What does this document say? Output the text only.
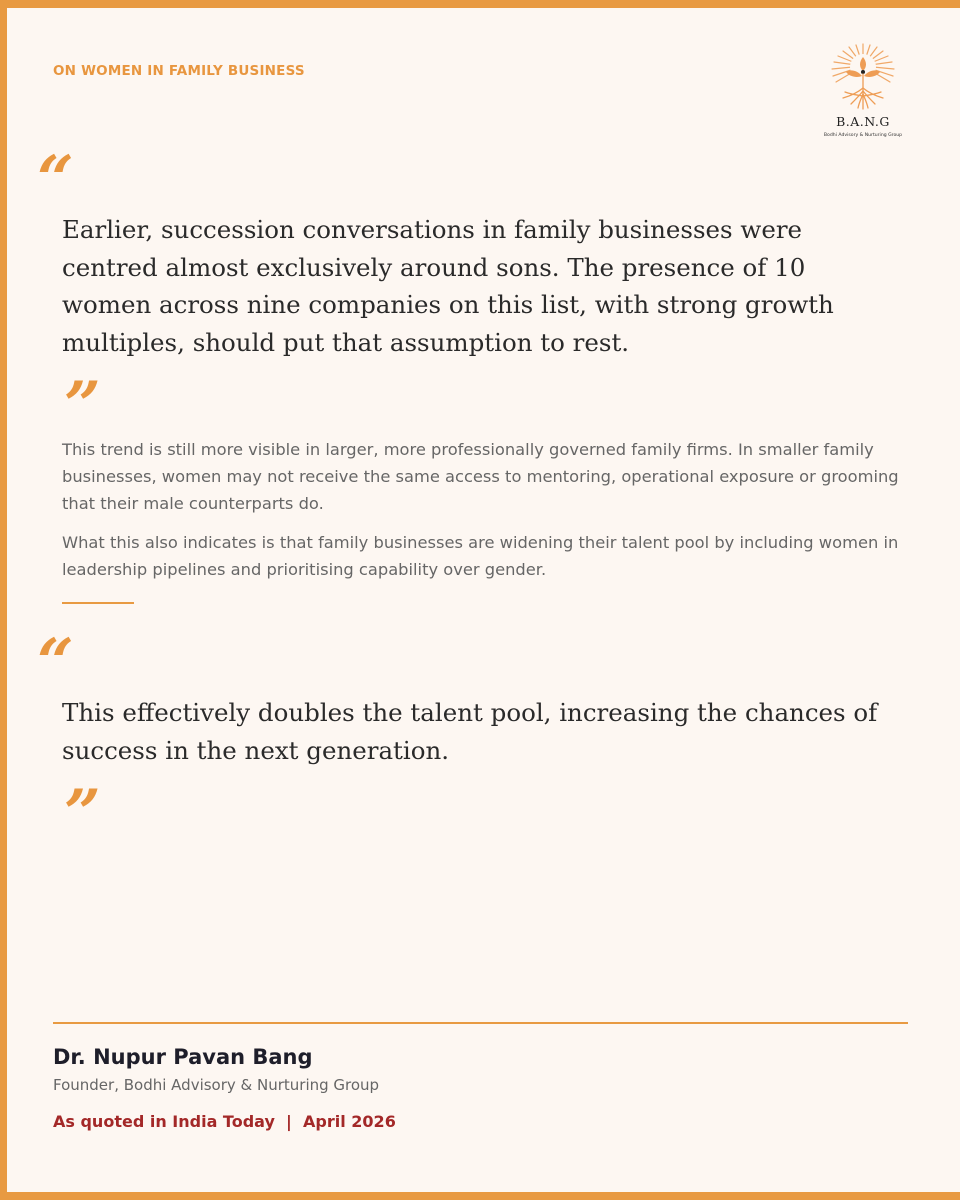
ON WOMEN IN FAMILY BUSINESS
B.A.N.G
Bodhi Advisory & Nurturing Group
“
Earlier, succession conversations in family businesses were centred almost exclusively around sons. The presence of 10 women across nine companies on this list, with strong growth multiples, should put that assumption to rest.
”
This trend is still more visible in larger, more professionally governed family firms. In smaller family businesses, women may not receive the same access to mentoring, operational exposure or grooming that their male counterparts do.
What this also indicates is that family businesses are widening their talent pool by including women in leadership pipelines and prioritising capability over gender.
“
This effectively doubles the talent pool, increasing the chances of success in the next generation.
”
Dr. Nupur Pavan Bang
Founder, Bodhi Advisory & Nurturing Group
As quoted in India Today  |  April 2026
